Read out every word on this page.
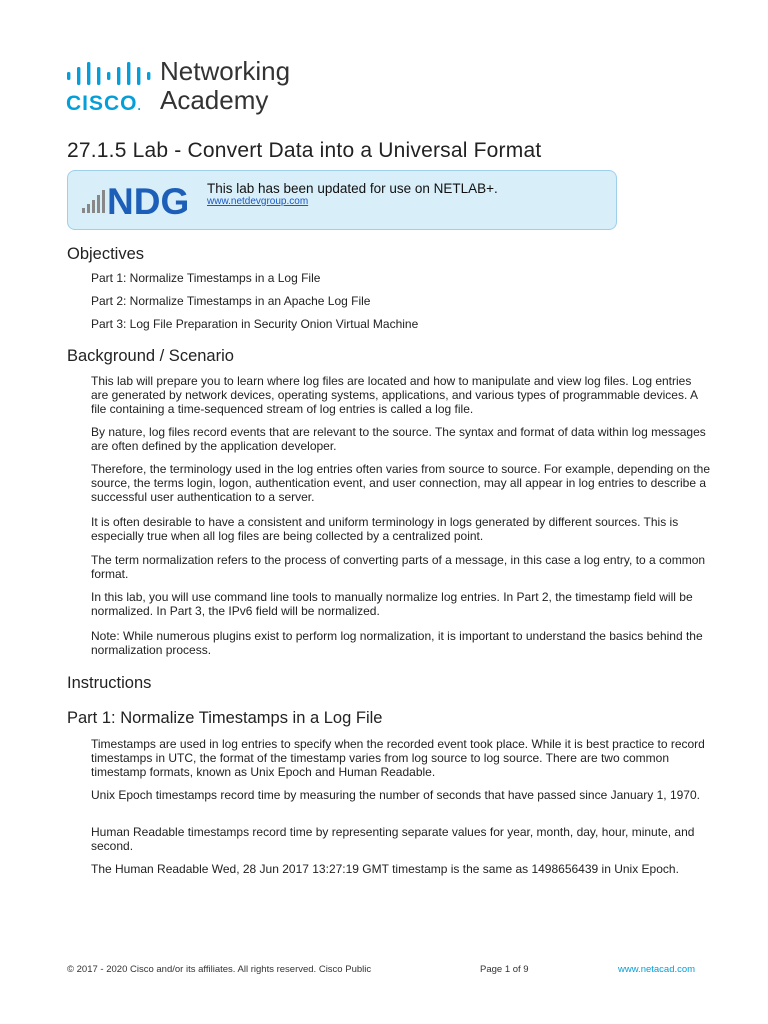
CISCO.
Networking
Academy
27.1.5 Lab - Convert Data into a Universal Format
NDG This lab has been updated for use on NETLAB+.
www.netdevgroup.com
Objectives

Part 1: Normalize Timestamps in a Log File

Part 2: Normalize Timestamps in an Apache Log File

Part 3: Log File Preparation in Security Onion Virtual Machine

Background / Scenario

This lab will prepare you to learn where log files are located and how to manipulate and view log files. Log entries are generated by network devices, operating systems, applications, and various types of programmable devices. A file containing a time-sequenced stream of log entries is called a log file.

By nature, log files record events that are relevant to the source. The syntax and format of data within log messages are often defined by the application developer.

Therefore, the terminology used in the log entries often varies from source to source. For example, depending on the source, the terms login, logon, authentication event, and user connection, may all appear in log entries to describe a successful user authentication to a server.

It is often desirable to have a consistent and uniform terminology in logs generated by different sources. This is especially true when all log files are being collected by a centralized point.

The term normalization refers to the process of converting parts of a message, in this case a log entry, to a common format.

In this lab, you will use command line tools to manually normalize log entries. In Part 2, the timestamp field will be normalized. In Part 3, the IPv6 field will be normalized.

Note: While numerous plugins exist to perform log normalization, it is important to understand the basics behind the normalization process.

Instructions
Part 1: Normalize Timestamps in a Log File

Timestamps are used in log entries to specify when the recorded event took place. While it is best practice to record timestamps in UTC, the format of the timestamp varies from log source to log source. There are two common timestamp formats, known as Unix Epoch and Human Readable.

Unix Epoch timestamps record time by measuring the number of seconds that have passed since January 1, 1970.

Human Readable timestamps record time by representing separate values for year, month, day, hour, minute, and second.

The Human Readable Wed, 28 Jun 2017 13:27:19 GMT timestamp is the same as 1498656439 in Unix Epoch.

© 2017 - 2020 Cisco and/or its affiliates. All rights reserved. Cisco Public	Page 1 of 9	www.netacad.com
